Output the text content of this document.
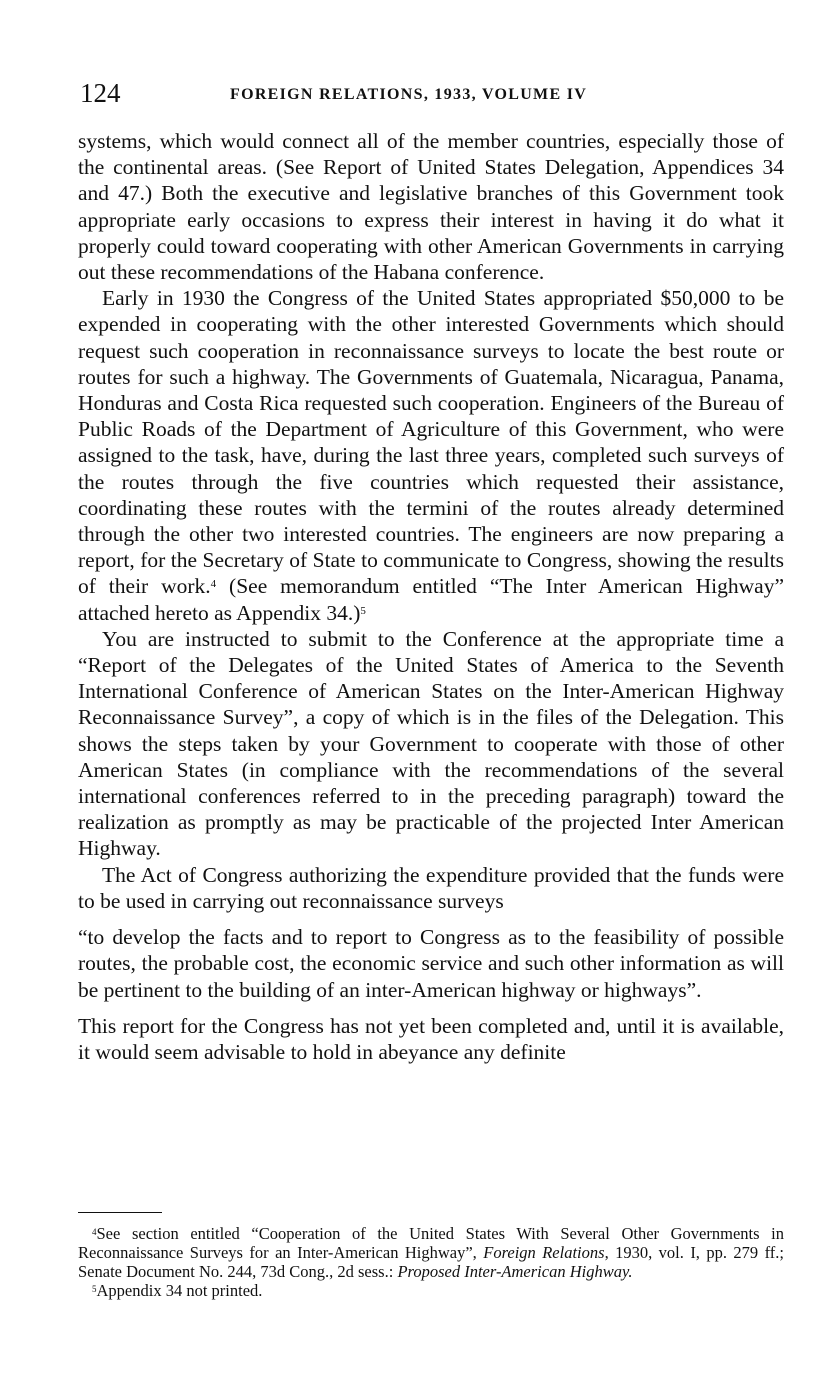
124	FOREIGN RELATIONS, 1933, VOLUME IV

systems, which would connect all of the member countries, especially those of the continental areas. (See Report of United States Delegation, Appendices 34 and 47.) Both the executive and legislative branches of this Government took appropriate early occasions to express their interest in having it do what it properly could toward cooperating with other American Governments in carrying out these recommendations of the Habana conference.

Early in 1930 the Congress of the United States appropriated $50,000 to be expended in cooperating with the other interested Governments which should request such cooperation in reconnaissance surveys to locate the best route or routes for such a highway. The Governments of Guatemala, Nicaragua, Panama, Honduras and Costa Rica requested such cooperation. Engineers of the Bureau of Public Roads of the Department of Agriculture of this Government, who were assigned to the task, have, during the last three years, completed such surveys of the routes through the five countries which requested their assistance, coordinating these routes with the termini of the routes already determined through the other two interested countries. The engineers are now preparing a report, for the Secretary of State to communicate to Congress, showing the results of their work.$^4$ (See memorandum entitled “The Inter American Highway” attached hereto as Appendix 34.)$^5$

You are instructed to submit to the Conference at the appropriate time a “Report of the Delegates of the United States of America to the Seventh International Conference of American States on the Inter-American Highway Reconnaissance Survey”, a copy of which is in the files of the Delegation. This shows the steps taken by your Government to cooperate with those of other American States (in compliance with the recommendations of the several international conferences referred to in the preceding paragraph) toward the realization as promptly as may be practicable of the projected Inter American Highway.

The Act of Congress authorizing the expenditure provided that the funds were to be used in carrying out reconnaissance surveys

“to develop the facts and to report to Congress as to the feasibility of possible routes, the probable cost, the economic service and such other information as will be pertinent to the building of an inter-American highway or highways”.

This report for the Congress has not yet been completed and, until it is available, it would seem advisable to hold in abeyance any definite

$^4$See section entitled “Cooperation of the United States With Several Other Governments in Reconnaissance Surveys for an Inter-American Highway”, Foreign Relations, 1930, vol. I, pp. 279 ff.; Senate Document No. 244, 73d Cong., 2d sess.: Proposed Inter-American Highway.

$^5$Appendix 34 not printed.
